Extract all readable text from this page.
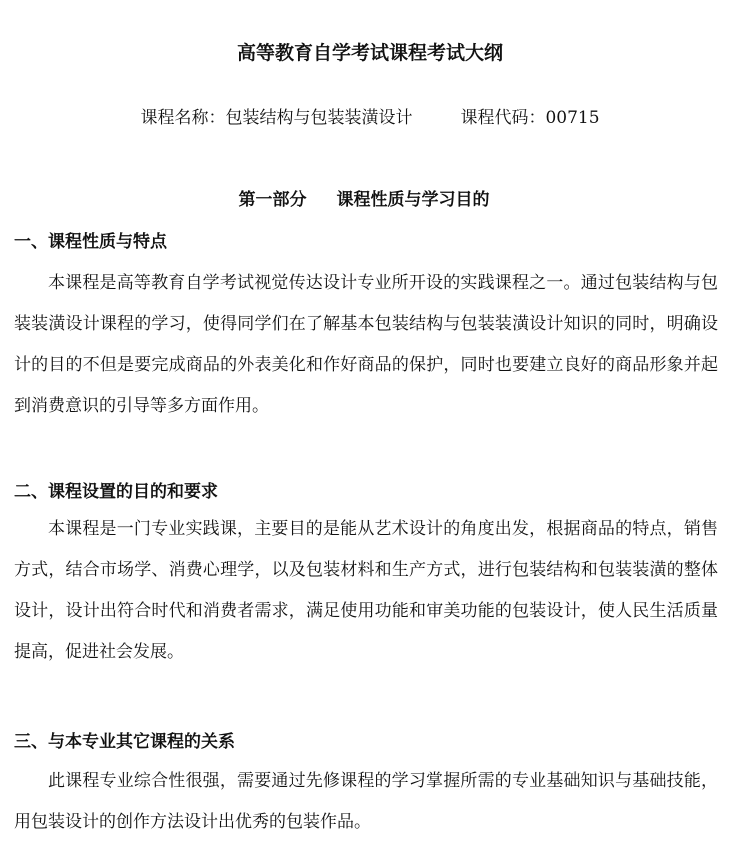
高等教育自学考试课程考试大纲
课程名称：包装结构与包装装潢设计	课程代码：00715
第一部分 课程性质与学习目的
一、课程性质与特点

本课程是高等教育自学考试视觉传达设计专业所开设的实践课程之一。通过包装结构与包装装潢设计课程的学习，使得同学们在了解基本包装结构与包装装潢设计知识的同时，明确设计的目的不但是要完成商品的外表美化和作好商品的保护，同时也要建立良好的商品形象并起到消费意识的引导等多方面作用。

二、课程设置的目的和要求

本课程是一门专业实践课，主要目的是能从艺术设计的角度出发，根据商品的特点，销售方式，结合市场学、消费心理学，以及包装材料和生产方式，进行包装结构和包装装潢的整体设计，设计出符合时代和消费者需求，满足使用功能和审美功能的包装设计，使人民生活质量提高，促进社会发展。

三、与本专业其它课程的关系

此课程专业综合性很强，需要通过先修课程的学习掌握所需的专业基础知识与基础技能，用包装设计的创作方法设计出优秀的包装作品。
